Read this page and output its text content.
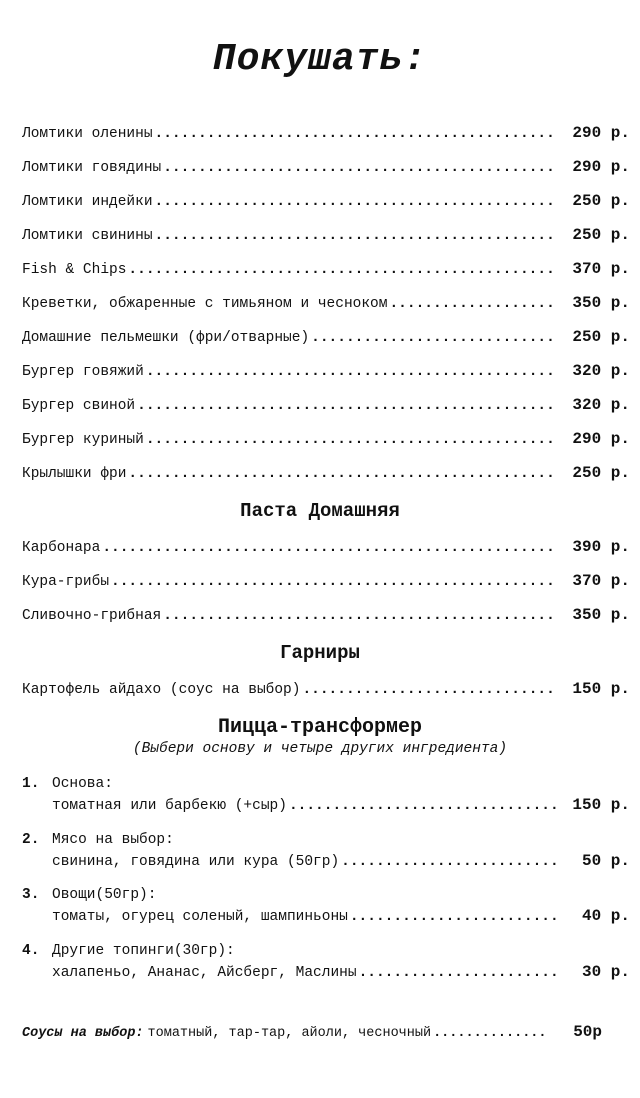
Покушать:
Ломтики оленины .....	290 р.
Ломтики говядины .....	290 р.
Ломтики индейки .....	250 р.
Ломтики свинины .....	250 р.
Fish & Chips .....	370 р.
Креветки, обжаренные с тимьяном и чесноком .....	350 р.
Домашние пельмешки (фри/отварные) .....	250 р.
Бургер говяжий .....	320 р.
Бургер свиной .....	320 р.
Бургер куриный .....	290 р.
Крылышки фри .....	250 р.
Паста Домашняя
Карбонара .....	390 р.
Кура-грибы .....	370 р.
Сливочно-грибная .....	350 р.
Гарниры
Картофель айдахо (соус на выбор) .....	150 р.
Пицца-трансформер
(Выбери основу и четыре других ингредиента)
1. Основа:
томатная или барбекю (+сыр) .....	150 р.
2. Мясо на выбор:
свинина, говядина или кура (50гр) .....	50 р.
3. Овощи(50гр):
томаты, огурец соленый, шампиньоны .....	40 р.
4. Другие топинги(30гр):
халапеньо, Ананас, Айсберг, Маслины .....	30 р.
Соусы на выбор: томатный, тар-тар, айоли, чесночный .....	50р
